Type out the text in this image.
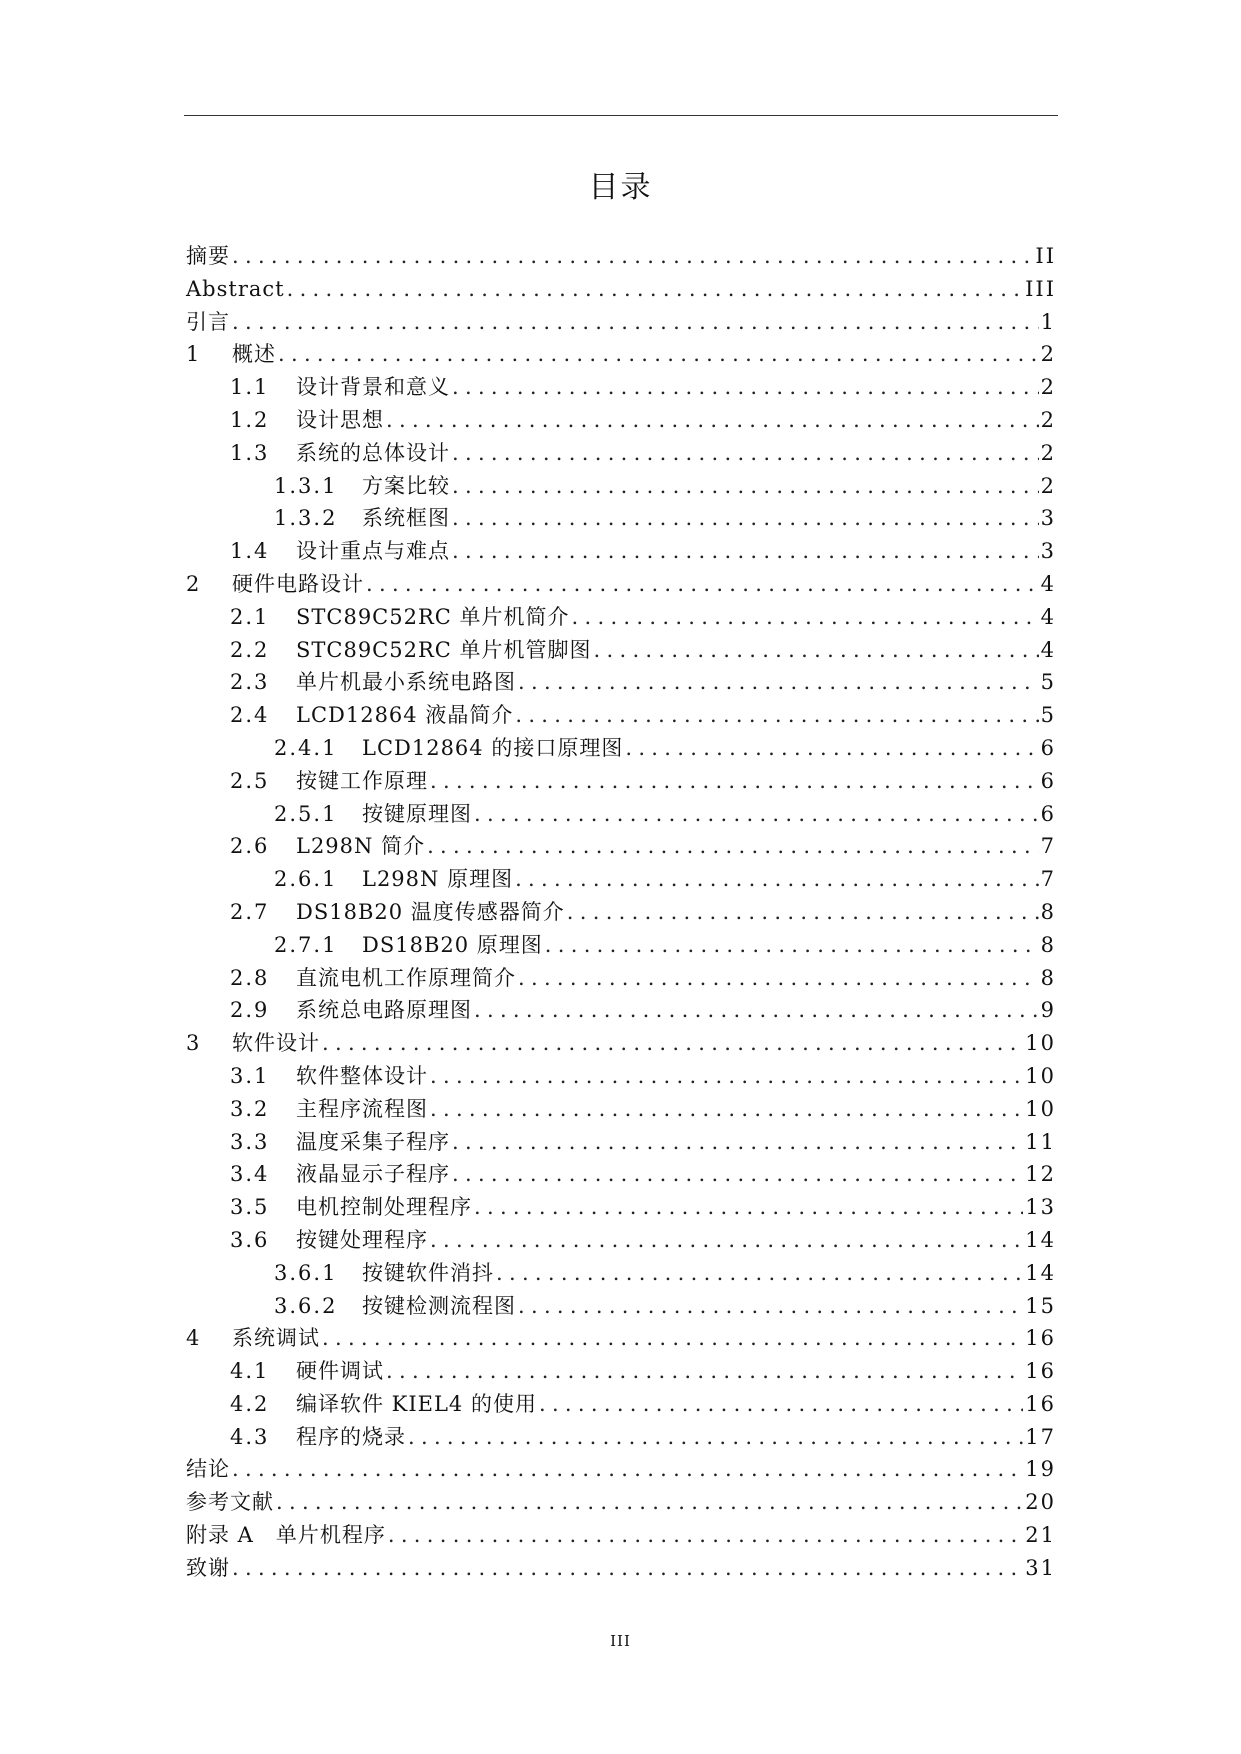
目录
摘要 .....	II
Abstract .....	III
引言 .....	1
1	概述 .....	2
1.1	设计背景和意义 .....	2
1.2	设计思想 .....	2
1.3	系统的总体设计 .....	2
1.3.1	方案比较 .....	2
1.3.2	系统框图 .....	3
1.4	设计重点与难点 .....	3
2	硬件电路设计 .....	4
2.1	STC89C52RC 单片机简介 .....	4
2.2	STC89C52RC 单片机管脚图 .....	4
2.3	单片机最小系统电路图 .....	5
2.4	LCD12864 液晶简介 .....	5
2.4.1	LCD12864 的接口原理图 .....	6
2.5	按键工作原理 .....	6
2.5.1	按键原理图 .....	6
2.6	L298N 简介 .....	7
2.6.1	L298N 原理图 .....	7
2.7	DS18B20 温度传感器简介 .....	8
2.7.1	DS18B20 原理图 .....	8
2.8	直流电机工作原理简介 .....	8
2.9	系统总电路原理图 .....	9
3	软件设计 .....	10
3.1	软件整体设计 .....	10
3.2	主程序流程图 .....	10
3.3	温度采集子程序 .....	11
3.4	液晶显示子程序 .....	12
3.5	电机控制处理程序 .....	13
3.6	按键处理程序 .....	14
3.6.1	按键软件消抖 .....	14
3.6.2	按键检测流程图 .....	15
4	系统调试 .....	16
4.1	硬件调试 .....	16
4.2	编译软件 KIEL4 的使用 .....	16
4.3	程序的烧录 .....	17
结论 .....	19
参考文献 .....	20
附录 A　单片机程序 .....	21
致谢 .....	31
III
